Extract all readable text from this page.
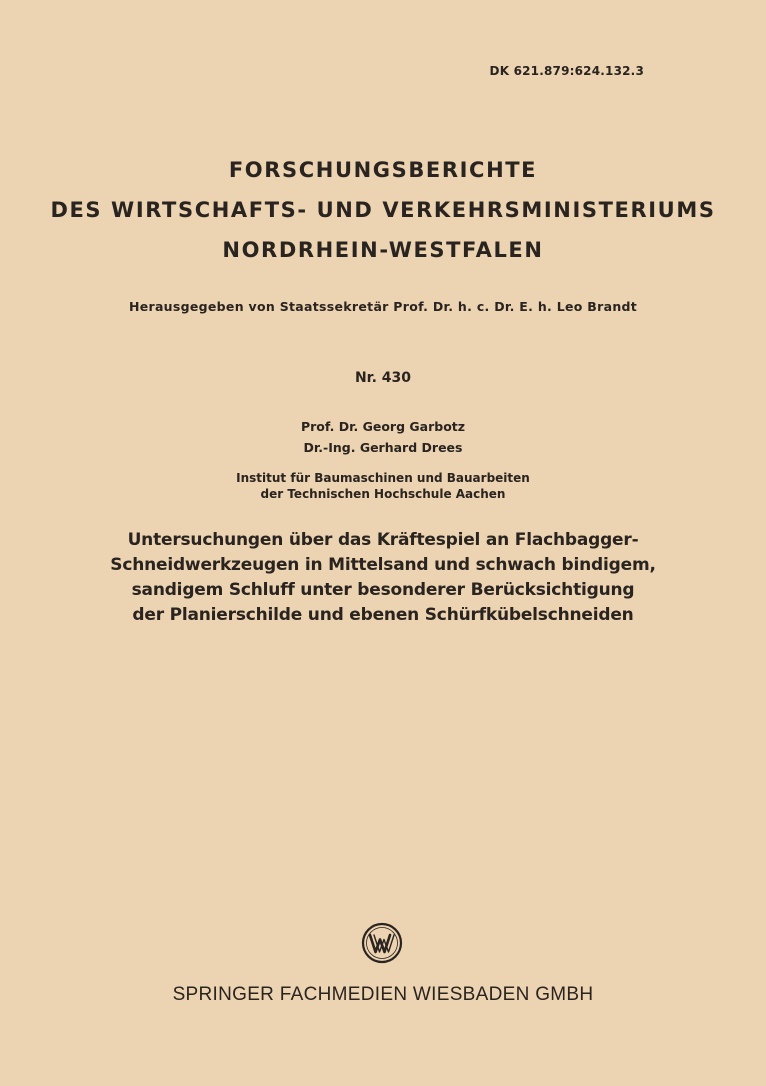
DK 621.879:624.132.3
FORSCHUNGSBERICHTE
DES WIRTSCHAFTS- UND VERKEHRSMINISTERIUMS
NORDRHEIN-WESTFALEN
Herausgegeben von Staatssekretär Prof. Dr. h. c. Dr. E. h. Leo Brandt
Nr. 430
Prof. Dr. Georg Garbotz
Dr.-Ing. Gerhard Drees
Institut für Baumaschinen und Bauarbeiten
der Technischen Hochschule Aachen
Untersuchungen über das Kräftespiel an Flachbagger-
Schneidwerkzeugen in Mittelsand und schwach bindigem,
sandigem Schluff unter besonderer Berücksichtigung
der Planierschilde und ebenen Schürfkübelschneiden
SPRINGER FACHMEDIEN WIESBADEN GMBH
